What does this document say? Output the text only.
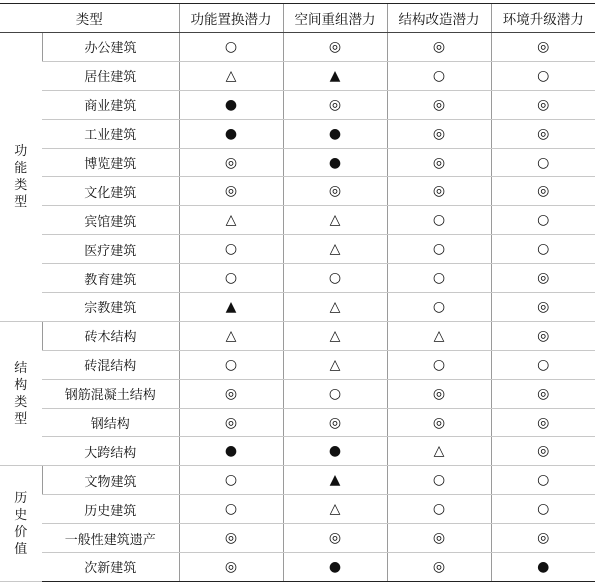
类型		功能置换潜力	空间重组潜力	结构改造潜力	环境升级潜力

功
能
类
型	办公建筑	○	◎	◎	◎
	居住建筑	△	▲	○	○
	商业建筑	●	◎	◎	◎
	工业建筑	●	●	◎	◎
	博览建筑	◎	●	◎	○
	文化建筑	◎	◎	◎	◎
	宾馆建筑	△	△	○	○
	医疗建筑	○	△	○	○
	教育建筑	○	○	○	◎
	宗教建筑	▲	△	○	◎

结
构
类
型	砖木结构	△	△	△	◎
	砖混结构	○	△	○	○
	钢筋混凝土结构	◎	○	◎	◎
	钢结构	◎	◎	◎	◎
	大跨结构	●	●	△	◎

历
史
价
值	文物建筑	○	▲	○	○
	历史建筑	○	△	○	○
	一般性建筑遗产	◎	◎	◎	◎
	次新建筑	◎	●	◎	●
